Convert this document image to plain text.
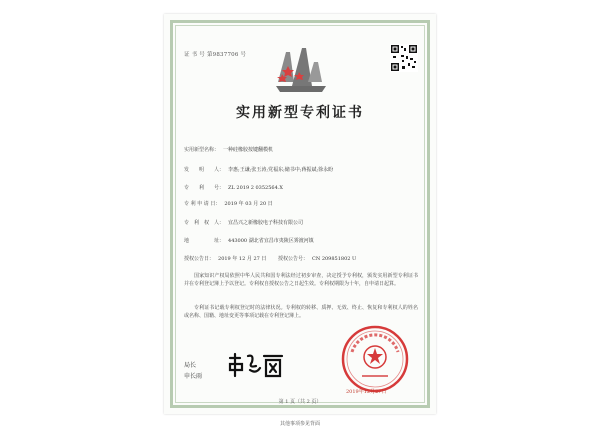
证 书 号 第9837706 号
实用新型专利证书
实用新型名称： 一种硅橡胶按键翻模机
发　　明　　人： 李惠;王谦;张玉涛;党福东;储书中;蒋振斌;徐永盼
专　　利　　号： ZL 2019 2 0352564.X
专 利 申 请 日： 2019 年 03 月 20 日
专　利　权　人： 宜昌兴之新橡胶电子科技有限公司
地　　　　　址： 443000 湖北省宜昌市夷陵区雾渡河镇
授权公告日： 2019 年 12 月 27 日 授权公告号： CN 209851802 U
国家知识产权局依照中华人民共和国专利法经过初步审查，决定授予专利权，颁发实用新型专利证书并在专利登记簿上予以登记。专利权自授权公告之日起生效。专利权期限为十年，自申请日起算。
专利证书记载专利权登记时的法律状况。专利权的转移、质押、无效、终止、恢复和专利权人的姓名或名称、国籍、地址变更等事项记载在专利登记簿上。
局长
申长雨
2019年12月27日
第 1 页（共 2 页）
其他事项参见背面
